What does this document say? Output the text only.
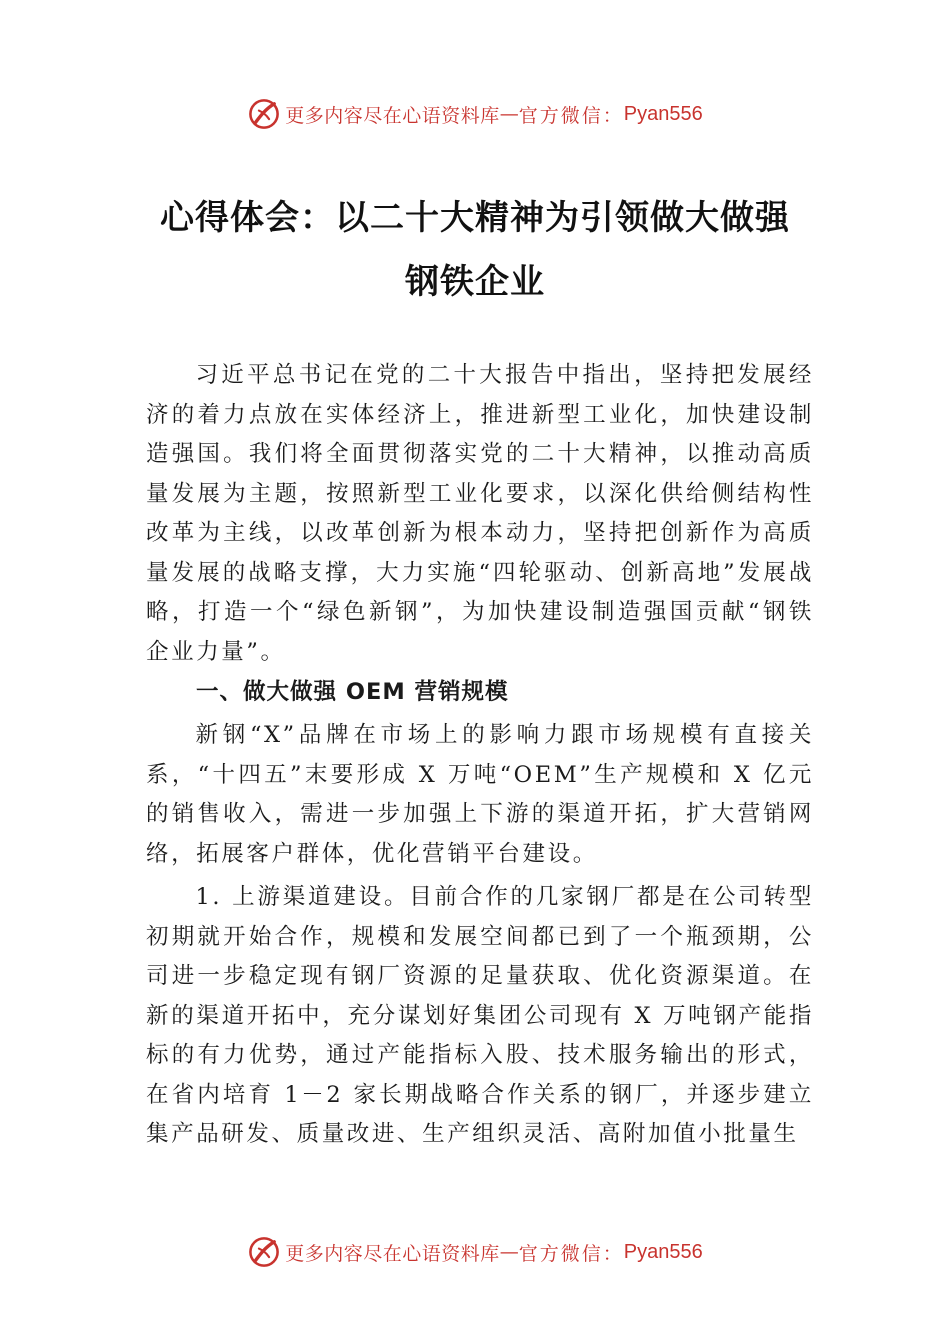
更多内容尽在心语资料库 — 官方微信： Pyan556
心得体会：以二十大精神为引领做大做强
钢铁企业

习近平总书记在党的二十大报告中指出，坚持把发展经济的着力点放在实体经济上，推进新型工业化，加快建设制造强国。我们将全面贯彻落实党的二十大精神，以推动高质量发展为主题，按照新型工业化要求，以深化供给侧结构性改革为主线，以改革创新为根本动力，坚持把创新作为高质量发展的战略支撑，大力实施“四轮驱动、创新高地”发展战略，打造一个“绿色新钢”，为加快建设制造强国贡献“钢铁企业力量”。

一、做大做强 OEM 营销规模

新钢“X”品牌在市场上的影响力跟市场规模有直接关系，“十四五”末要形成 X 万吨“OEM”生产规模和 X 亿元的销售收入，需进一步加强上下游的渠道开拓，扩大营销网络，拓展客户群体，优化营销平台建设。

1. 上游渠道建设。目前合作的几家钢厂都是在公司转型初期就开始合作，规模和发展空间都已到了一个瓶颈期，公司进一步稳定现有钢厂资源的足量获取、优化资源渠道。在新的渠道开拓中，充分谋划好集团公司现有 X 万吨钢产能指标的有力优势，通过产能指标入股、技术服务输出的形式， 在省内培育 1－2 家长期战略合作关系的钢厂，并逐步建立集产品研发、质量改进、生产组织灵活、高附加值小批量生

更多内容尽在心语资料库 — 官方微信： Pyan556
